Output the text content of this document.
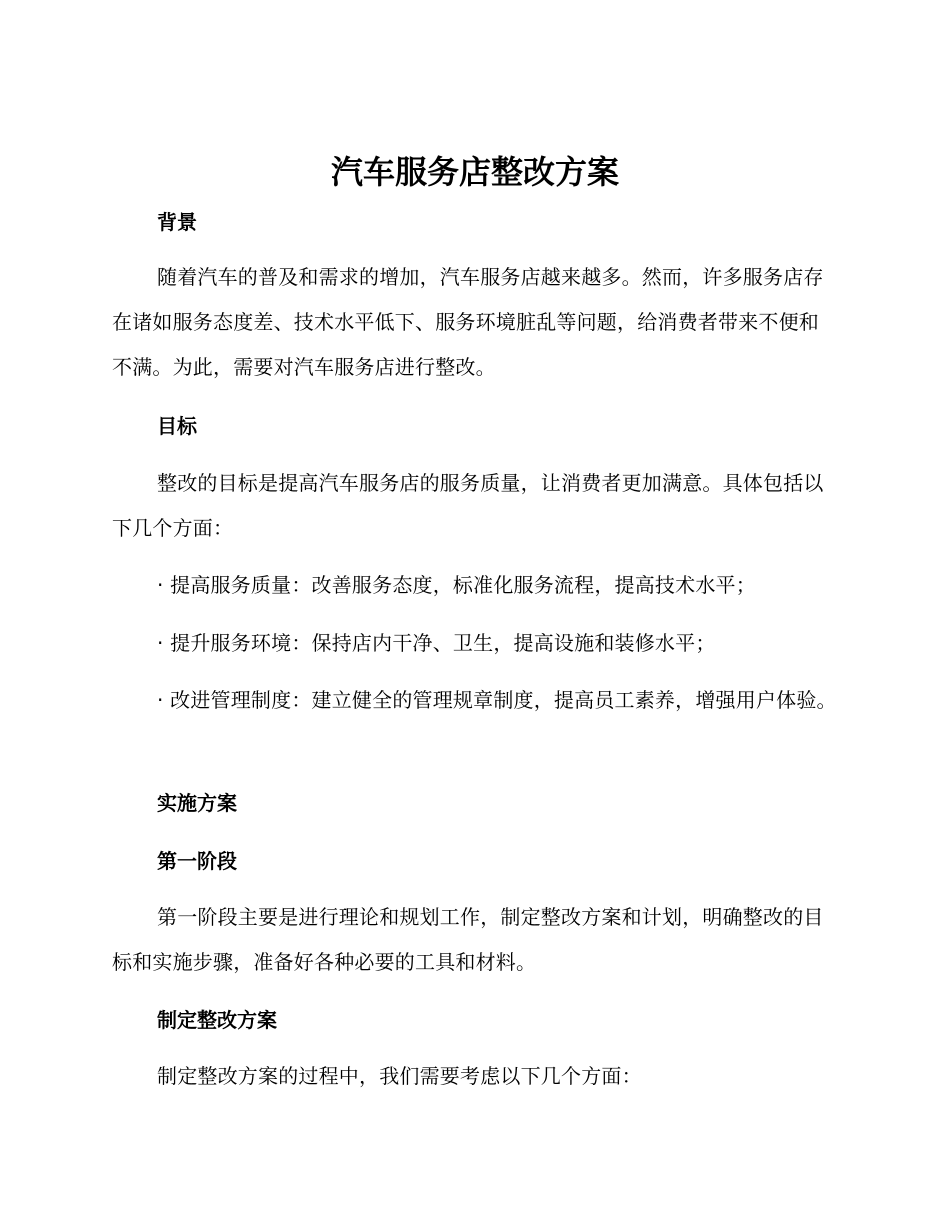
汽车服务店整改方案
背景
随着汽车的普及和需求的增加，汽车服务店越来越多。然而，许多服务店存在诸如服务态度差、技术水平低下、服务环境脏乱等问题，给消费者带来不便和不满。为此，需要对汽车服务店进行整改。
目标
整改的目标是提高汽车服务店的服务质量，让消费者更加满意。具体包括以下几个方面：
· 提高服务质量：改善服务态度，标准化服务流程，提高技术水平；
· 提升服务环境：保持店内干净、卫生，提高设施和装修水平；
· 改进管理制度：建立健全的管理规章制度，提高员工素养，增强用户体验。
实施方案
第一阶段
第一阶段主要是进行理论和规划工作，制定整改方案和计划，明确整改的目标和实施步骤，准备好各种必要的工具和材料。
制定整改方案
制定整改方案的过程中，我们需要考虑以下几个方面：
